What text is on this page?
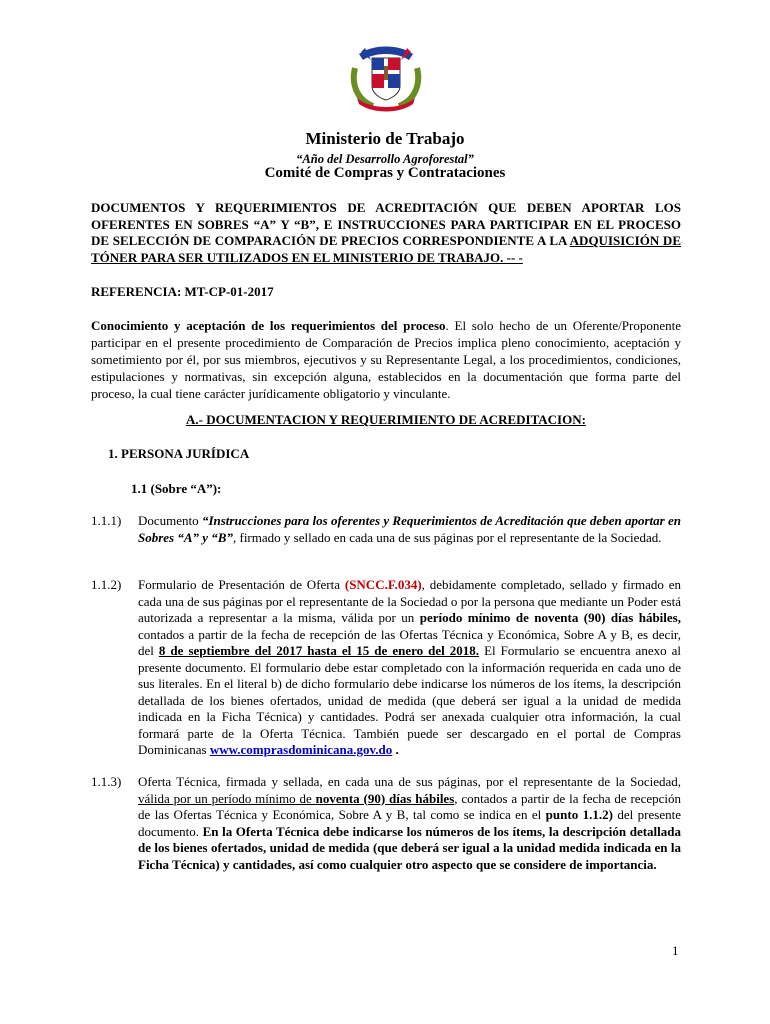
Ministerio de Trabajo
“Año del Desarrollo Agroforestal”
Comité de Compras y Contrataciones
DOCUMENTOS Y REQUERIMIENTOS DE ACREDITACIÓN QUE DEBEN APORTAR LOS OFERENTES EN SOBRES “A” Y “B”, E INSTRUCCIONES PARA PARTICIPAR EN EL PROCESO DE SELECCIÓN DE COMPARACIÓN DE PRECIOS CORRESPONDIENTE A LA ADQUISICIÓN DE TÓNER PARA SER UTILIZADOS EN EL MINISTERIO DE TRABAJO. -- -
REFERENCIA: MT-CP-01-2017
Conocimiento y aceptación de los requerimientos del proceso. El solo hecho de un Oferente/Proponente participar en el presente procedimiento de Comparación de Precios implica pleno conocimiento, aceptación y sometimiento por él, por sus miembros, ejecutivos y su Representante Legal, a los procedimientos, condiciones, estipulaciones y normativas, sin excepción alguna, establecidos en la documentación que forma parte del proceso, la cual tiene carácter jurídicamente obligatorio y vinculante.
A.- DOCUMENTACION Y REQUERIMIENTO DE ACREDITACION:
1. PERSONA JURÍDICA
1.1 (Sobre “A”):
1.1.1)	Documento “Instrucciones para los oferentes y Requerimientos de Acreditación que deben aportar en Sobres “A” y “B”, firmado y sellado en cada una de sus páginas por el representante de la Sociedad.
1.1.2)	Formulario de Presentación de Oferta (SNCC.F.034), debidamente completado, sellado y firmado en cada una de sus páginas por el representante de la Sociedad o por la persona que mediante un Poder está autorizada a representar a la misma, válida por un período mínimo de noventa (90) días hábiles, contados a partir de la fecha de recepción de las Ofertas Técnica y Económica, Sobre A y B, es decir, del 8 de septiembre del 2017 hasta el 15 de enero del 2018. El Formulario se encuentra anexo al presente documento. El formulario debe estar completado con la información requerida en cada uno de sus literales. En el literal b) de dicho formulario debe indicarse los números de los ítems, la descripción detallada de los bienes ofertados, unidad de medida (que deberá ser igual a la unidad de medida indicada en la Ficha Técnica) y cantidades. Podrá ser anexada cualquier otra información, la cual formará parte de la Oferta Técnica. También puede ser descargado en el portal de Compras Dominicanas www.comprasdominicana.gov.do .
1.1.3)	Oferta Técnica, firmada y sellada, en cada una de sus páginas, por el representante de la Sociedad, válida por un período mínimo de noventa (90) días hábiles, contados a partir de la fecha de recepción de las Ofertas Técnica y Económica, Sobre A y B, tal como se indica en el punto 1.1.2) del presente documento. En la Oferta Técnica debe indicarse los números de los ítems, la descripción detallada de los bienes ofertados, unidad de medida (que deberá ser igual a la unidad medida indicada en la Ficha Técnica) y cantidades, así como cualquier otro aspecto que se considere de importancia.
1
